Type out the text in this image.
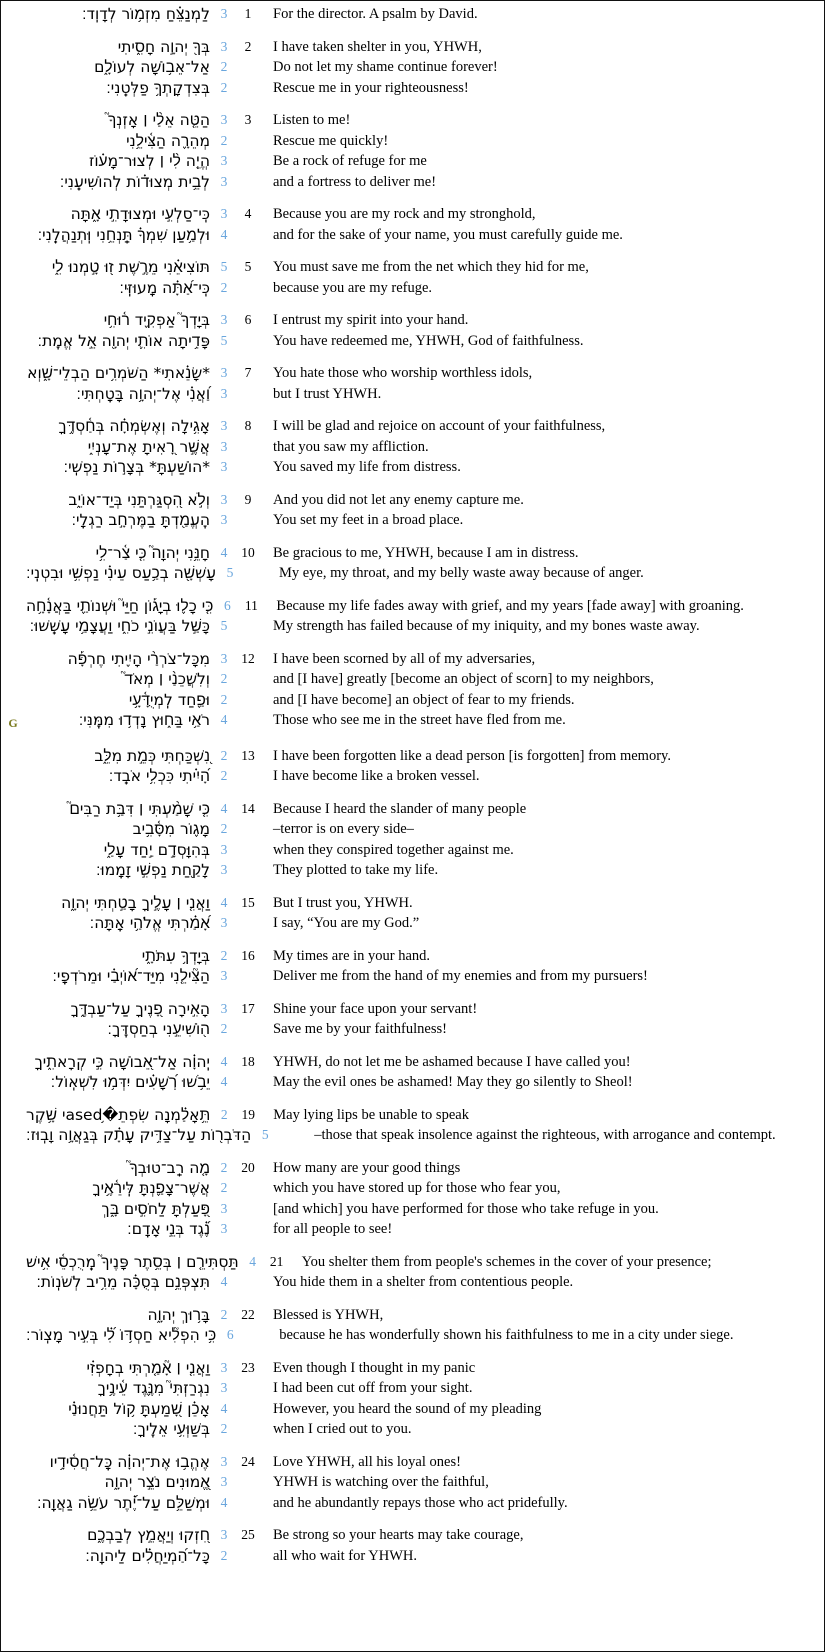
לַמְנַצֵּ֗חַ מִזְמ֥וֹר לְדָוִֽד׃ 3	1	For the director. A psalm by David.
בְּךָ֖ יְהוָ֣ה חָסִ֑יתִי 3	2	I have taken shelter in you, YHWH,
אַל־אֵב֥וֹשָׁה לְעוֹלָ֑ם 2	Do not let my shame continue forever!
בְּצִדְקָתְךָ֥ פַלְּטֵֽנִי׃ 2	Rescue me in your righteousness!
הַטֵּ֤ה אֵלַ֨י ׀ אָזְנְךָ֮ 3	3	Listen to me!
מְהֵרָ֪ה הַצִּ֫ילֵ֥נִי 2	Rescue me quickly!
הֱיֵ֤ה לִ֨י ׀ לְצוּר־מָע֗וֹז 3	Be a rock of refuge for me
לְבֵ֥ית מְצוּד֗וֹת לְהוֹשִׁיעֵֽנִי׃ 3	and a fortress to deliver me!
כִּֽי־סַלְעִ֣י וּמְצוּדָתִ֣י אָ֑תָּה 3	4	Because you are my rock and my stronghold,
וּלְמַ֥עַן שִׁמְךָ֗ תַּֽנְחֵ֥נִי וּֽתְנַהֲלֵֽנִי׃ 4	and for the sake of your name, you must carefully guide me.
תּוֹצִיאֵ֗נִי מֵרֶ֣שֶׁת ז֭וּ טָ֣מְנוּ לִ֑י 5	5	You must save me from the net which they hid for me,
כִּֽי־אַ֝תָּ֗ה מָֽעוּזִּֽי׃ 2	because you are my refuge.
בְּיָדְךָ֮ אַפְקִ֪יד ר֫וּחִ֥י 3	6	I entrust my spirit into your hand.
פָּדִ֥יתָה אוֹתִ֛י יְהוָ֖ה אֵ֣ל אֱמֶֽת׃ 5	You have redeemed me, YHWH, God of faithfulness.
*שָׂנֵ֗אתִי* הַשֹּׁמְרִ֥ים הַבְלֵי־שָׁ֑וְא 3	7	You hate those who worship worthless idols,
וַ֝אֲנִ֗י אֶל־יְהוָ֥ה בָּטָֽחְתִּי׃ 3	but I trust YHWH.
אָגִ֥ילָה וְאֶשְׂמְחָ֗ה בְּחַ֫סְדֶּ֥ךָ 3	8	I will be glad and rejoice on account of your faithfulness,
אֲשֶׁ֣ר רָ֭אִיתָ אֶת־עָנְיִ֑י 3	that you saw my affliction.
*הוֹשַׁעְתָּ* בְּצָר֣וֹת נַפְשִֽׁי׃ 3	You saved my life from distress.
וְלֹ֣א הִ֭סְגַּרְתַּנִי בְּיַד־אוֹיֵ֑ב 3	9	And you did not let any enemy capture me.
הֶֽעֱמַ֖דְתָּ בַמֶּרְחָ֣ב רַגְלָֽי׃ 3	You set my feet in a broad place.
חָנֵּ֥נִי יְהוָה֮ כִּ֤י צַ֫ר־לִ֥י 4	10	Be gracious to me, YHWH, because I am in distress.
עָשְׁשָׁ֖ה בְכַ֥עַס עֵינִ֗י נַפְשִׁ֥י וּבִטְנִֽי׃ 5	My eye, my throat, and my belly waste away because of anger.
כִּ֤י כָל֪וּ בְיָג֡וֹן חַיַּי֮ וּשְׁנוֹתַ֪י בַּאֲנָ֫חָ֥ה 6	11	Because my life fades away with grief, and my years [fade away] with groaning.
כָּשַׁ֣ל בַּעֲוֺנִ֣י כֹחִ֑י וַעֲצָמַ֥י עָשֵֽׁשׁוּ׃ 5	My strength has failed because of my iniquity, and my bones waste away.
מִכָּל־צֹרְרַ֨י הָיִ֪יתִי חֶרְפָּ֡ה 3	12	I have been scorned by all of my adversaries,
וְלִשֲׁכֵנַ֨י ׀ מְאֹד֮ 2	and [I have] greatly [become an object of scorn] to my neighbors,
וּפַ֢חַד לִֽמְיֻדָּ֫עָ֥י 2	and [I have become] an object of fear to my friends.
G	רֹאַ֥י בַּח֑וּץ נָדְד֥וּ מִמֶּֽנִּי׃ 4	Those who see me in the street have fled from me.
נִ֭שְׁכַּחְתִּי כְּמֵ֣ת מִלֵּ֑ב 2	13	I have been forgotten like a dead person [is forgotten] from memory.
הָ֝יִ֗יתִי כִּכְלִ֥י אֹבֵֽד׃ 2	I have become like a broken vessel.
כִּ֤י שָׁמַ֨עְתִּי ׀ דִּבַּ֥ת רַבִּים֮ 4	14	Because I heard the slander of many people
מָג֪וֹר מִסָּ֫בִ֥יב 2	–terror is on every side–
בְּהִוָּסְדָ֣ם יַ֣חַד עָלַ֑י 3	when they conspired together against me.
לָקַ֖חַת נַפְשִׁ֣י זָמָֽמוּ׃ 3	They plotted to take my life.
וַאֲנִ֤י ׀ עָלֶ֣יךָ בָטַ֣חְתִּי יְהוָ֑ה 4	15	But I trust you, YHWH.
אָ֝מַ֗רְתִּי אֱלֹהַ֥י אָֽתָּה׃ 3	I say, “You are my God.”
בְּיָדְךָ֥ עִתֹּתָ֑י 2	16	My times are in your hand.
הַצִּ֘ילֵ֤נִי מִיַּד־א֝וֹיְבַ֗י וּמֵרֹדְפָֽי׃ 3	Deliver me from the hand of my enemies and from my pursuers!
הָאִ֣ירָה פָ֭נֶיךָ עַל־עַבְדֶּ֑ךָ 3	17	Shine your face upon your servant!
ה֖וֹשִׁיעֵ֣נִי בְחַסְדֶּֽךָ׃ 2	Save me by your faithfulness!
יְֽהוָ֗ה אַל־אֵ֭בוֹשָׁה כִּ֣י קְרָאתִ֑יךָ 4	18	YHWH, do not let me be ashamed because I have called you!
יֵבֹ֥שׁוּ רְ֝שָׁעִ֗ים יִדְּמ֥וּ לִשְׁאֽוֹל׃ 4	May the evil ones be ashamed! May they go silently to Sheol!
תֵּ֥אָלַ֗מְנָה שִׂפְתֵ�ased֥י שָׁ֥קֶר 2	19	May lying lips be unable to speak
הַדֹּבְר֖וֹת עַל־צַדִּ֥יק עָתָ֗ק בְּגַאֲוָ֥ה וָבֽוּז׃ 5	–those that speak insolence against the righteous, with arrogance and contempt.
מָ֤ה רַֽב־טוּבְךָ֮ 2	20	How many are your good things
אֲשֶׁר־צָפַ֪נְתָּ לִּֽירֵ֫אֶ֥יךָ 2	which you have stored up for those who fear you,
פָּ֭עַלְתָּ לַחֹסִ֣ים בָּ֑ךְ 3	[and which] you have performed for those who take refuge in you.
נֶ֝֗גֶד בְּנֵ֣י אָדָֽם׃ 3	for all people to see!
תַּסְתִּירֵ֤ם ׀ בְּסֵ֥תֶר פָּנֶיךָ֮ מֵֽרֻכְסֵ֫י אִ֥ישׁ 4	21	You shelter them from people's schemes in the cover of your presence;
תִּצְפְּנֵ֥ם בְּסֻכָּ֗ה מֵרִ֥יב לְשֹׁנֽוֹת׃ 4	You hide them in a shelter from contentious people.
בָּר֥וּךְ יְהוָ֑ה 2	22	Blessed is YHWH,
כִּ֥י הִפְלִ֘יא חַסְדּ֥וֹ לִ֝֗י בְּעִ֣יר מָצֽוֹר׃ 6	because he has wonderfully shown his faithfulness to me in a city under siege.
וַאֲנִ֤י ׀ אָ֘מַ֤רְתִּי בְחָפְזִ֗י 3	23	Even though I thought in my panic
נִגְרַזְתִּי֮ מִנֶּ֪גֶד עֵ֫ינֶ֥יךָ 3	I had been cut off from your sight.
אָכֵ֗ן שָׁ֭מַעְתָּ ק֥וֹל תַּחֲנוּנַ֗י 4	However, you heard the sound of my pleading
בְּשַׁוְּעִ֥י אֵלֶֽיךָ׃ 2	when I cried out to you.
אֶהֱב֥וּ אֶת־יְהוָ֗ה כָּֽל־חֲסִ֫ידָ֥יו 3	24	Love YHWH, all his loyal ones!
אֱ֭מוּנִים נֹצֵ֣ר יְהוָ֑ה 3	YHWH is watching over the faithful,
וּמְשַׁלֵּ֥ם עַל־יֶ֝֗תֶר עֹשֵׂ֥ה גַאֲוָֽה׃ 4	and he abundantly repays those who act pridefully.
חִ֭זְקוּ וְיַאֲמֵ֣ץ לְבַבְכֶ֑ם 3	25	Be strong so your hearts may take courage,
כָּל־הַ֝מְיַחֲלִ֗ים לַיהוָֽה׃ 2	all who wait for YHWH.
